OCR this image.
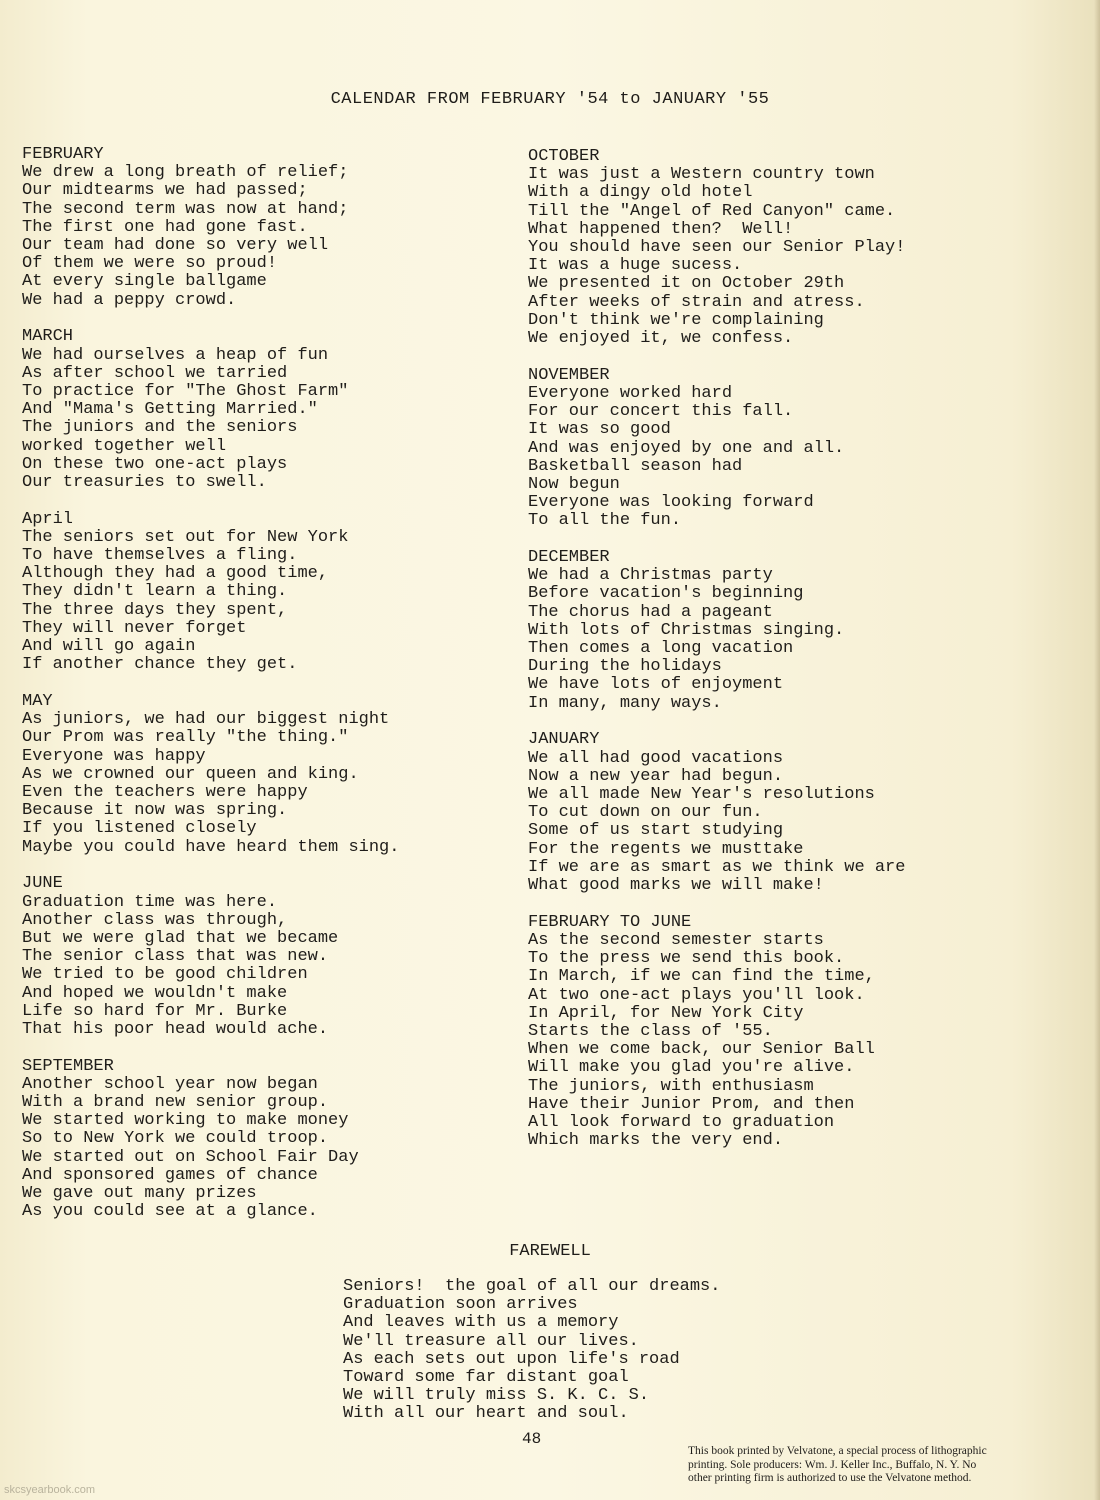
CALENDAR FROM FEBRUARY '54 to JANUARY '55
FEBRUARY
We drew a long breath of relief;
Our midtearms we had passed;
The second term was now at hand;
The first one had gone fast.
Our team had done so very well
Of them we were so proud!
At every single ballgame
We had a peppy crowd.
MARCH
We had ourselves a heap of fun
As after school we tarried
To practice for "The Ghost Farm"
And "Mama's Getting Married."
The juniors and the seniors
worked together well
On these two one-act plays
Our treasuries to swell.
April
The seniors set out for New York
To have themselves a fling.
Although they had a good time,
They didn't learn a thing.
The three days they spent,
They will never forget
And will go again
If another chance they get.
MAY
As juniors, we had our biggest night
Our Prom was really "the thing."
Everyone was happy
As we crowned our queen and king.
Even the teachers were happy
Because it now was spring.
If you listened closely
Maybe you could have heard them sing.
JUNE
Graduation time was here.
Another class was through,
But we were glad that we became
The senior class that was new.
We tried to be good children
And hoped we wouldn't make
Life so hard for Mr. Burke
That his poor head would ache.
SEPTEMBER
Another school year now began
With a brand new senior group.
We started working to make money
So to New York we could troop.
We started out on School Fair Day
And sponsored games of chance
We gave out many prizes
As you could see at a glance.
OCTOBER
It was just a Western country town
With a dingy old hotel
Till the "Angel of Red Canyon" came.
What happened then?  Well!
You should have seen our Senior Play!
It was a huge sucess.
We presented it on October 29th
After weeks of strain and atress.
Don't think we're complaining
We enjoyed it, we confess.
NOVEMBER
Everyone worked hard
For our concert this fall.
It was so good
And was enjoyed by one and all.
Basketball season had
Now begun
Everyone was looking forward
To all the fun.
DECEMBER
We had a Christmas party
Before vacation's beginning
The chorus had a pageant
With lots of Christmas singing.
Then comes a long vacation
During the holidays
We have lots of enjoyment
In many, many ways.
JANUARY
We all had good vacations
Now a new year had begun.
We all made New Year's resolutions
To cut down on our fun.
Some of us start studying
For the regents we musttake
If we are as smart as we think we are
What good marks we will make!
FEBRUARY TO JUNE
As the second semester starts
To the press we send this book.
In March, if we can find the time,
At two one-act plays you'll look.
In April, for New York City
Starts the class of '55.
When we come back, our Senior Ball
Will make you glad you're alive.
The juniors, with enthusiasm
Have their Junior Prom, and then
All look forward to graduation
Which marks the very end.
FAREWELL
Seniors!  the goal of all our dreams.
Graduation soon arrives
And leaves with us a memory
We'll treasure all our lives.
As each sets out upon life's road
Toward some far distant goal
We will truly miss S. K. C. S.
With all our heart and soul.
48
This book printed by Velvatone, a special process of lithographic
printing. Sole producers: Wm. J. Keller Inc., Buffalo, N. Y. No
other printing firm is authorized to use the Velvatone method.
skcsyearbook.com
